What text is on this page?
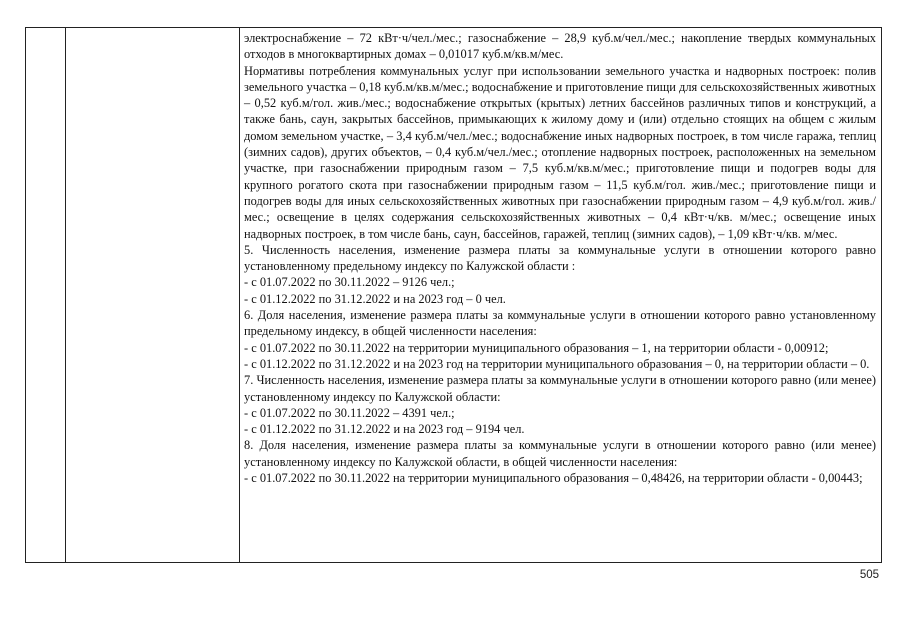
электроснабжение – 72 кВт·ч/чел./мес.; газоснабжение – 28,9 куб.м/чел./мес.; накопление твердых коммунальных отходов в многоквартирных домах – 0,01017 куб.м/кв.м/мес.

Нормативы потребления коммунальных услуг при использовании земельного участка и надворных построек: полив земельного участка – 0,18 куб.м/кв.м/мес.; водоснабжение и приготовление пищи для сельскохозяйственных животных – 0,52 куб.м/гол. жив./мес.; водоснабжение открытых (крытых) летних бассейнов различных типов и конструкций, а также бань, саун, закрытых бассейнов, примыкающих к жилому дому и (или) отдельно стоящих на общем с жилым домом земельном участке, – 3,4 куб.м/чел./мес.; водоснабжение иных надворных построек, в том числе гаража, теплиц (зимних садов), других объектов, – 0,4 куб.м/чел./мес.; отопление надворных построек, расположенных на земельном участке, при газоснабжении природным газом – 7,5 куб.м/кв.м/мес.; приготовление пищи и подогрев воды для крупного рогатого скота при газоснабжении природным газом – 11,5 куб.м/гол. жив./мес.; приготовление пищи и подогрев воды для иных сельскохозяйственных животных при газоснабжении природным газом – 4,9 куб.м/гол. жив./мес.; освещение в целях содержания сельскохозяйственных животных – 0,4 кВт·ч/кв. м/мес.; освещение иных надворных построек, в том числе бань, саун, бассейнов, гаражей, теплиц (зимних садов), – 1,09 кВт·ч/кв. м/мес.

5. Численность населения, изменение размера платы за коммунальные услуги в отношении которого равно установленному предельному индексу по Калужской области :

- с 01.07.2022 по 30.11.2022 – 9126 чел.;

- с 01.12.2022 по 31.12.2022 и на 2023 год – 0 чел.

6. Доля населения, изменение размера платы за коммунальные услуги в отношении которого равно установленному предельному индексу, в общей численности населения:

- с 01.07.2022 по 30.11.2022 на территории муниципального образования – 1, на территории области - 0,00912;

- с 01.12.2022 по 31.12.2022 и на 2023 год на территории муниципального образования – 0, на территории области – 0.

7. Численность населения, изменение размера платы за коммунальные услуги в отношении которого равно (или менее) установленному индексу по Калужской области:

- с 01.07.2022 по 30.11.2022 – 4391 чел.;

- с 01.12.2022 по 31.12.2022 и на 2023 год – 9194 чел.

8. Доля населения, изменение размера платы за коммунальные услуги в отношении которого равно (или менее) установленному индексу по Калужской области, в общей численности населения:

- с 01.07.2022 по 30.11.2022 на территории муниципального образования – 0,48426, на территории области - 0,00443;

505
